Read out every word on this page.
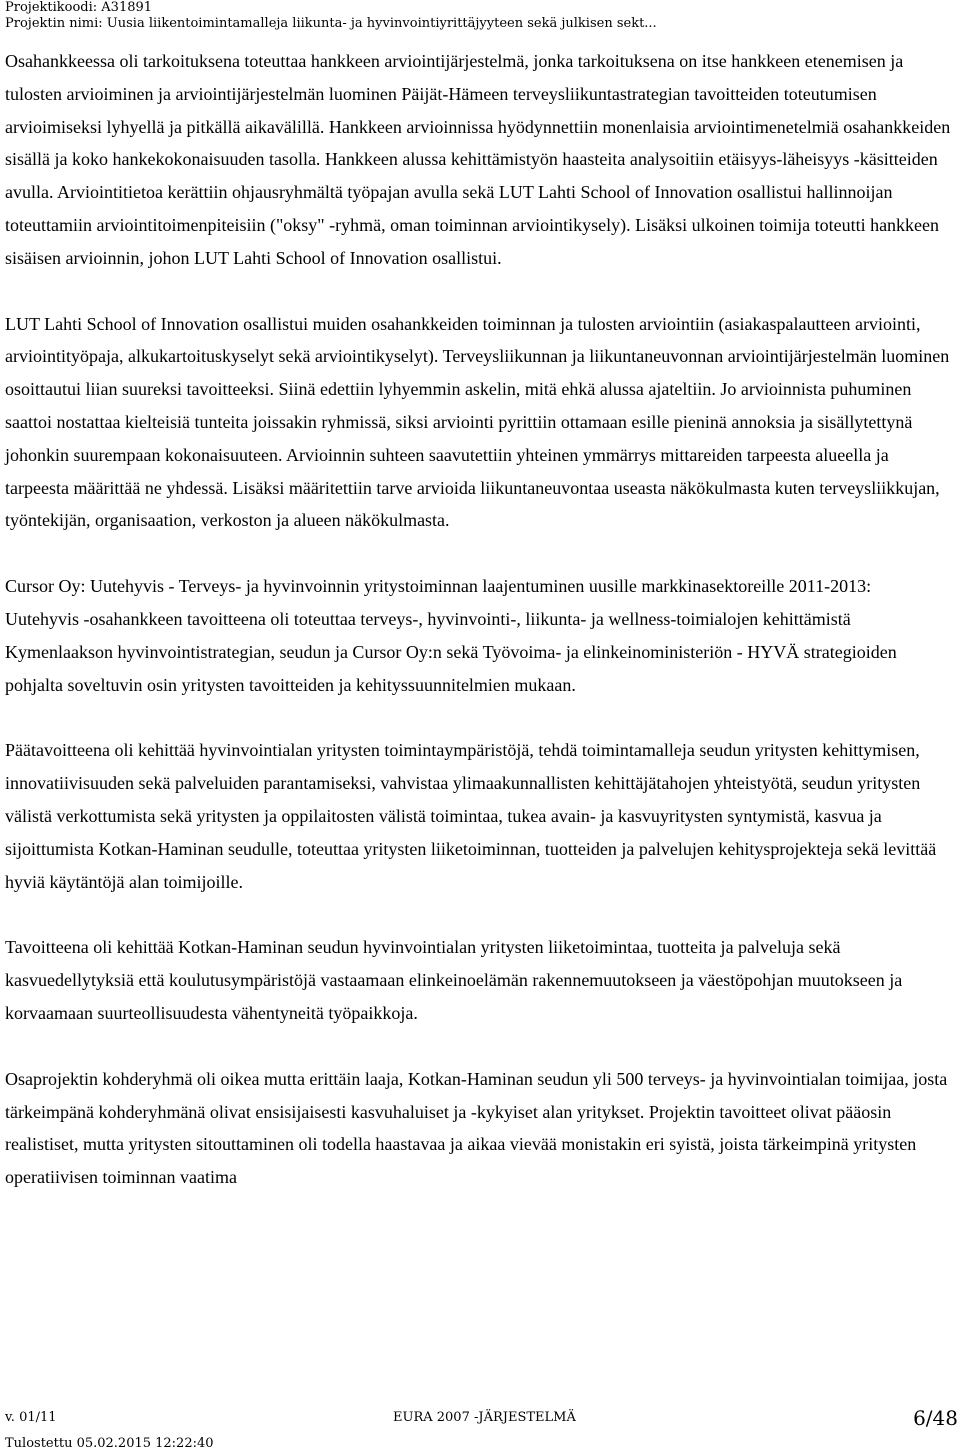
Projektikoodi: A31891
Projektin nimi: Uusia liikentoimintamalleja liikunta- ja hyvinvointiyrittäjyyteen sekä julkisen sekt...

Osahankkeessa oli tarkoituksena toteuttaa hankkeen arviointijärjestelmä, jonka tarkoituksena on itse hankkeen etenemisen ja tulosten arvioiminen ja arviointijärjestelmän luominen Päijät-Hämeen terveysliikuntastrategian tavoitteiden toteutumisen arvioimiseksi lyhyellä ja pitkällä aikavälillä. Hankkeen arvioinnissa hyödynnettiin monenlaisia arviointimenetelmiä osahankkeiden sisällä ja koko hankekokonaisuuden tasolla. Hankkeen alussa kehittämistyön haasteita analysoitiin etäisyys-läheisyys -käsitteiden avulla. Arviointitietoa kerättiin ohjausryhmältä työpajan avulla sekä LUT Lahti School of Innovation osallistui hallinnoijan toteuttamiin arviointitoimenpiteisiin ("oksy" -ryhmä, oman toiminnan arviointikysely). Lisäksi ulkoinen toimija toteutti hankkeen sisäisen arvioinnin, johon LUT Lahti School of Innovation osallistui.

LUT Lahti School of Innovation osallistui muiden osahankkeiden toiminnan ja tulosten arviointiin (asiakaspalautteen arviointi, arviointityöpaja, alkukartoituskyselyt sekä arviointikyselyt). Terveysliikunnan ja liikuntaneuvonnan arviointijärjestelmän luominen osoittautui liian suureksi tavoitteeksi. Siinä edettiin lyhyemmin askelin, mitä ehkä alussa ajateltiin. Jo arvioinnista puhuminen saattoi nostattaa kielteisiä tunteita joissakin ryhmissä, siksi arviointi pyrittiin ottamaan esille pieninä annoksia ja sisällytettynä johonkin suurempaan kokonaisuuteen. Arvioinnin suhteen saavutettiin yhteinen ymmärrys mittareiden tarpeesta alueella ja tarpeesta määrittää ne yhdessä. Lisäksi määritettiin tarve arvioida liikuntaneuvontaa useasta näkökulmasta kuten terveysliikkujan, työntekijän, organisaation, verkoston ja alueen näkökulmasta.

Cursor Oy: Uutehyvis - Terveys- ja hyvinvoinnin yritystoiminnan laajentuminen uusille markkinasektoreille 2011-2013:

Uutehyvis -osahankkeen tavoitteena oli toteuttaa terveys-, hyvinvointi-, liikunta- ja wellness-toimialojen kehittämistä Kymenlaakson hyvinvointistrategian, seudun ja Cursor Oy:n sekä Työvoima- ja elinkeinoministeriön - HYVÄ strategioiden pohjalta soveltuvin osin yritysten tavoitteiden ja kehityssuunnitelmien mukaan.

Päätavoitteena oli kehittää hyvinvointialan yritysten toimintaympäristöjä, tehdä toimintamalleja seudun yritysten kehittymisen, innovatiivisuuden sekä palveluiden parantamiseksi, vahvistaa ylimaakunnallisten kehittäjätahojen yhteistyötä, seudun yritysten välistä verkottumista sekä yritysten ja oppilaitosten välistä toimintaa, tukea avain- ja kasvuyritysten syntymistä, kasvua ja sijoittumista Kotkan-Haminan seudulle, toteuttaa yritysten liiketoiminnan, tuotteiden ja palvelujen kehitysprojekteja sekä levittää hyviä käytäntöjä alan toimijoille.

Tavoitteena oli kehittää Kotkan-Haminan seudun hyvinvointialan yritysten liiketoimintaa, tuotteita ja palveluja sekä kasvuedellytyksiä että koulutusympäristöjä vastaamaan elinkeinoelämän rakennemuutokseen ja väestöpohjan muutokseen ja korvaamaan suurteollisuudesta vähentyneitä työpaikkoja.

Osaprojektin kohderyhmä oli oikea mutta erittäin laaja, Kotkan-Haminan seudun yli 500 terveys- ja hyvinvointialan toimijaa, josta tärkeimpänä kohderyhmänä olivat ensisijaisesti kasvuhaluiset ja -kykyiset alan yritykset. Projektin tavoitteet olivat pääosin realistiset, mutta yritysten sitouttaminen oli todella haastavaa ja aikaa vievää monistakin eri syistä, joista tärkeimpinä yritysten operatiivisen toiminnan vaatima

v. 01/11	EURA 2007 -JÄRJESTELMÄ	6/48
Tulostettu 05.02.2015 12:22:40
